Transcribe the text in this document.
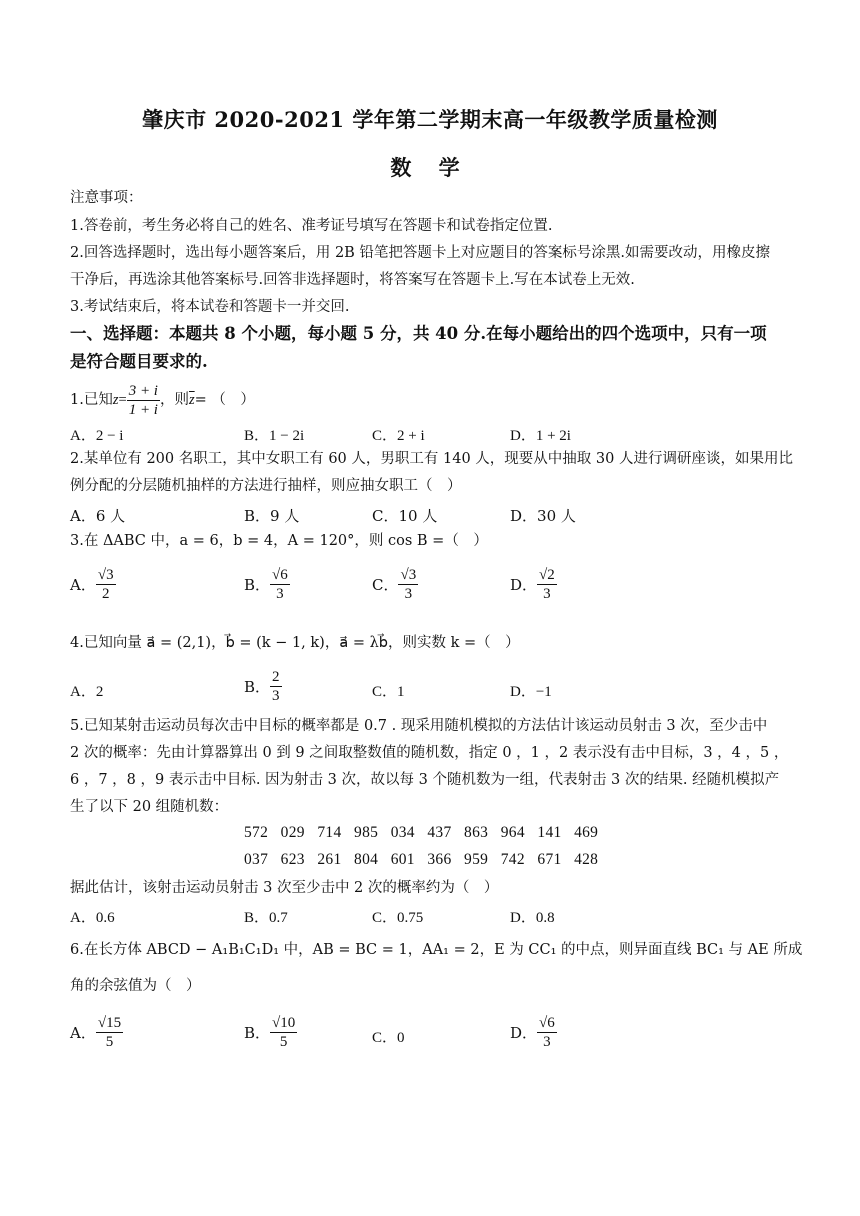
肇庆市 2020-2021 学年第二学期末高一年级教学质量检测
数 学
注意事项：
1.答卷前，考生务必将自己的姓名、准考证号填写在答题卡和试卷指定位置.
2.回答选择题时，选出每小题答案后，用 2B 铅笔把答题卡上对应题目的答案标号涂黑.如需要改动，用橡皮擦
干净后，再选涂其他答案标号.回答非选择题时，将答案写在答题卡上.写在本试卷上无效.
3.考试结束后，将本试卷和答题卡一并交回.
一、选择题：本题共 8 个小题，每小题 5 分，共 40 分.在每小题给出的四个选项中，只有一项
是符合题目要求的.
1.已知 $z = \frac{3 + i}{1 + i}$ ，则 $\overline{z}$ = （　）
A．2 − i	B．1 − 2i	C．2 + i	D．1 + 2i
2.某单位有 200 名职工，其中女职工有 60 人，男职工有 140 人，现要从中抽取 30 人进行调研座谈，如果用比
例分配的分层随机抽样的方法进行抽样，则应抽女职工（　）
A．6 人	B．9 人	C．10 人	D．30 人
3.在 ΔABC 中，a = 6，b = 4，A = 120°，则 cos B =（　）
A． $\frac{√3}{2}$	B． $\frac{√6}{3}$	C． $\frac{√3}{3}$	D． $\frac{√2}{3}$
4.已知向量 a⃗ = (2,1)，b⃗ = (k − 1, k)，a⃗ = λb⃗，则实数 k =（　）
A．2	B． $\frac{2}{3}$	C．1	D．−1
5.已知某射击运动员每次击中目标的概率都是 0.7 . 现采用随机模拟的方法估计该运动员射击 3 次，至少击中
2 次的概率：先由计算器算出 0 到 9 之间取整数值的随机数，指定 0 ，1 ，2 表示没有击中目标，3 ，4 ，5 ，
6 ，7 ，8 ，9 表示击中目标. 因为射击 3 次，故以每 3 个随机数为一组，代表射击 3 次的结果. 经随机模拟产
生了以下 20 组随机数：
572   029   714   985   034   437   863   964   141   469
037   623   261   804   601   366   959   742   671   428
据此估计，该射击运动员射击 3 次至少击中 2 次的概率约为（　）
A．0.6	B．0.7	C．0.75	D．0.8
6.在长方体 ABCD − A₁B₁C₁D₁ 中，AB = BC = 1，AA₁ = 2，E 为 CC₁ 的中点，则异面直线 BC₁ 与 AE 所成
角的余弦值为（　）
A． $\frac{√15}{5}$	B． $\frac{√10}{5}$	C．0	D． $\frac{√6}{3}$
